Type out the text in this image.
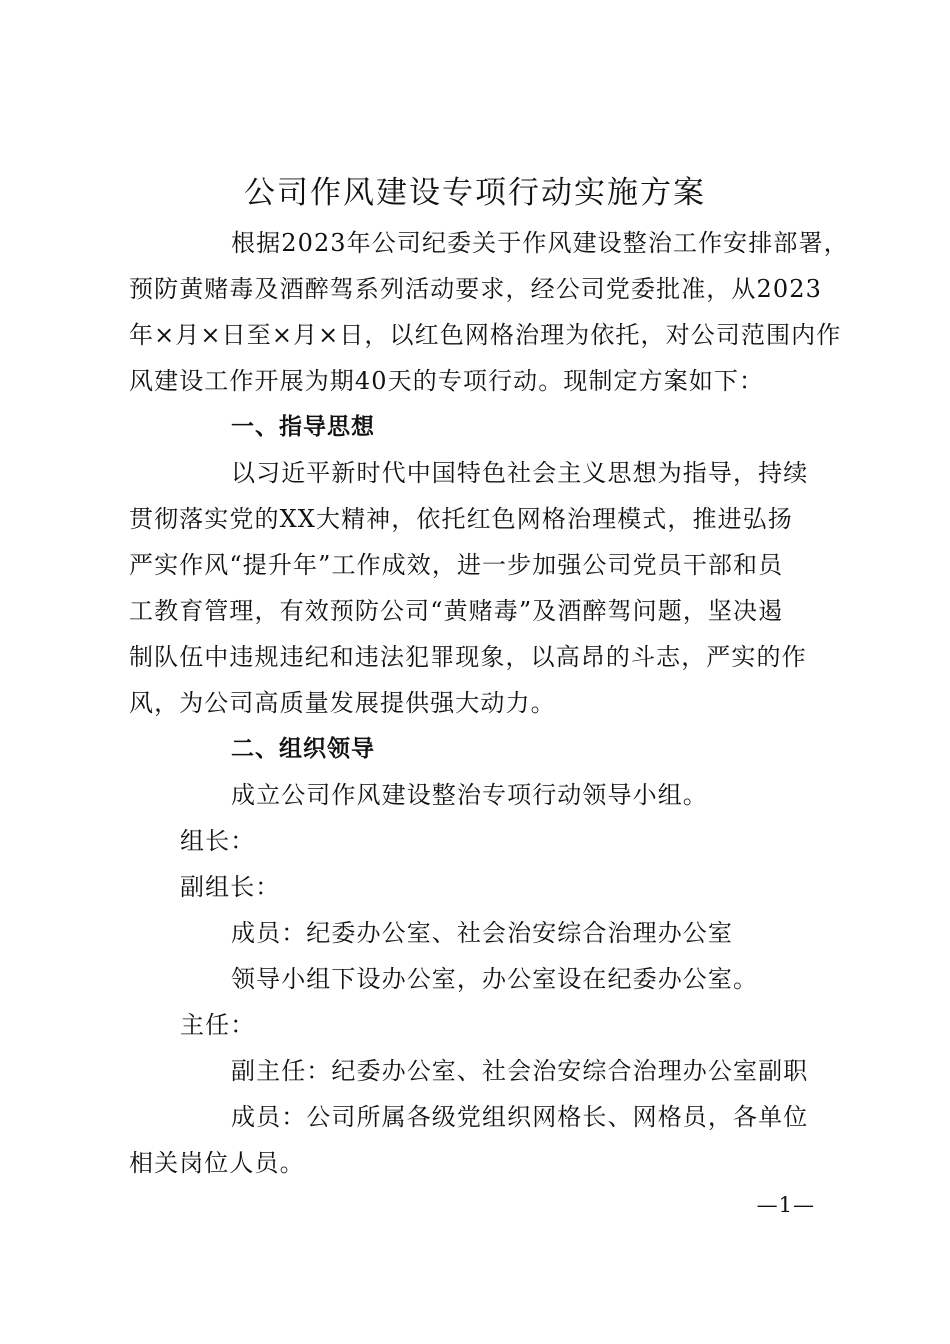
公司作风建设专项行动实施方案
根据2023年公司纪委关于作风建设整治工作安排部署，
预防黄赌毒及酒醉驾系列活动要求，经公司党委批准，从2023
年×月×日至×月×日，以红色网格治理为依托，对公司范围内作
风建设工作开展为期40天的专项行动。现制定方案如下：
一、指导思想
以习近平新时代中国特色社会主义思想为指导，持续
贯彻落实党的XX大精神，依托红色网格治理模式，推进弘扬
严实作风“提升年”工作成效，进一步加强公司党员干部和员
工教育管理，有效预防公司“黄赌毒”及酒醉驾问题，坚决遏
制队伍中违规违纪和违法犯罪现象，以高昂的斗志，严实的作
风，为公司高质量发展提供强大动力。
二、组织领导
成立公司作风建设整治专项行动领导小组。
组长：
副组长：
成员：纪委办公室、社会治安综合治理办公室
领导小组下设办公室，办公室设在纪委办公室。
主任：
副主任：纪委办公室、社会治安综合治理办公室副职
成员：公司所属各级党组织网格长、网格员，各单位
相关岗位人员。
—1—
